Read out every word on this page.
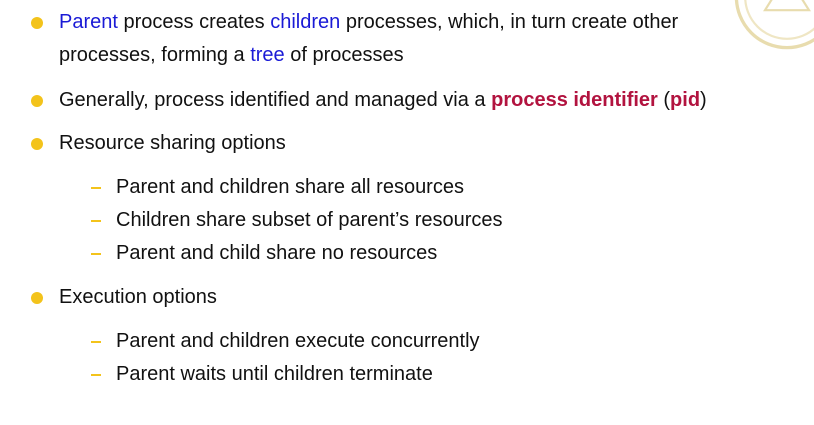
Parent process creates children processes, which, in turn create other
processes, forming a tree of processes
Generally, process identified and managed via a process identifier (pid)
Resource sharing options
Parent and children share all resources
Children share subset of parent’s resources
Parent and child share no resources
Execution options
Parent and children execute concurrently
Parent waits until children terminate
